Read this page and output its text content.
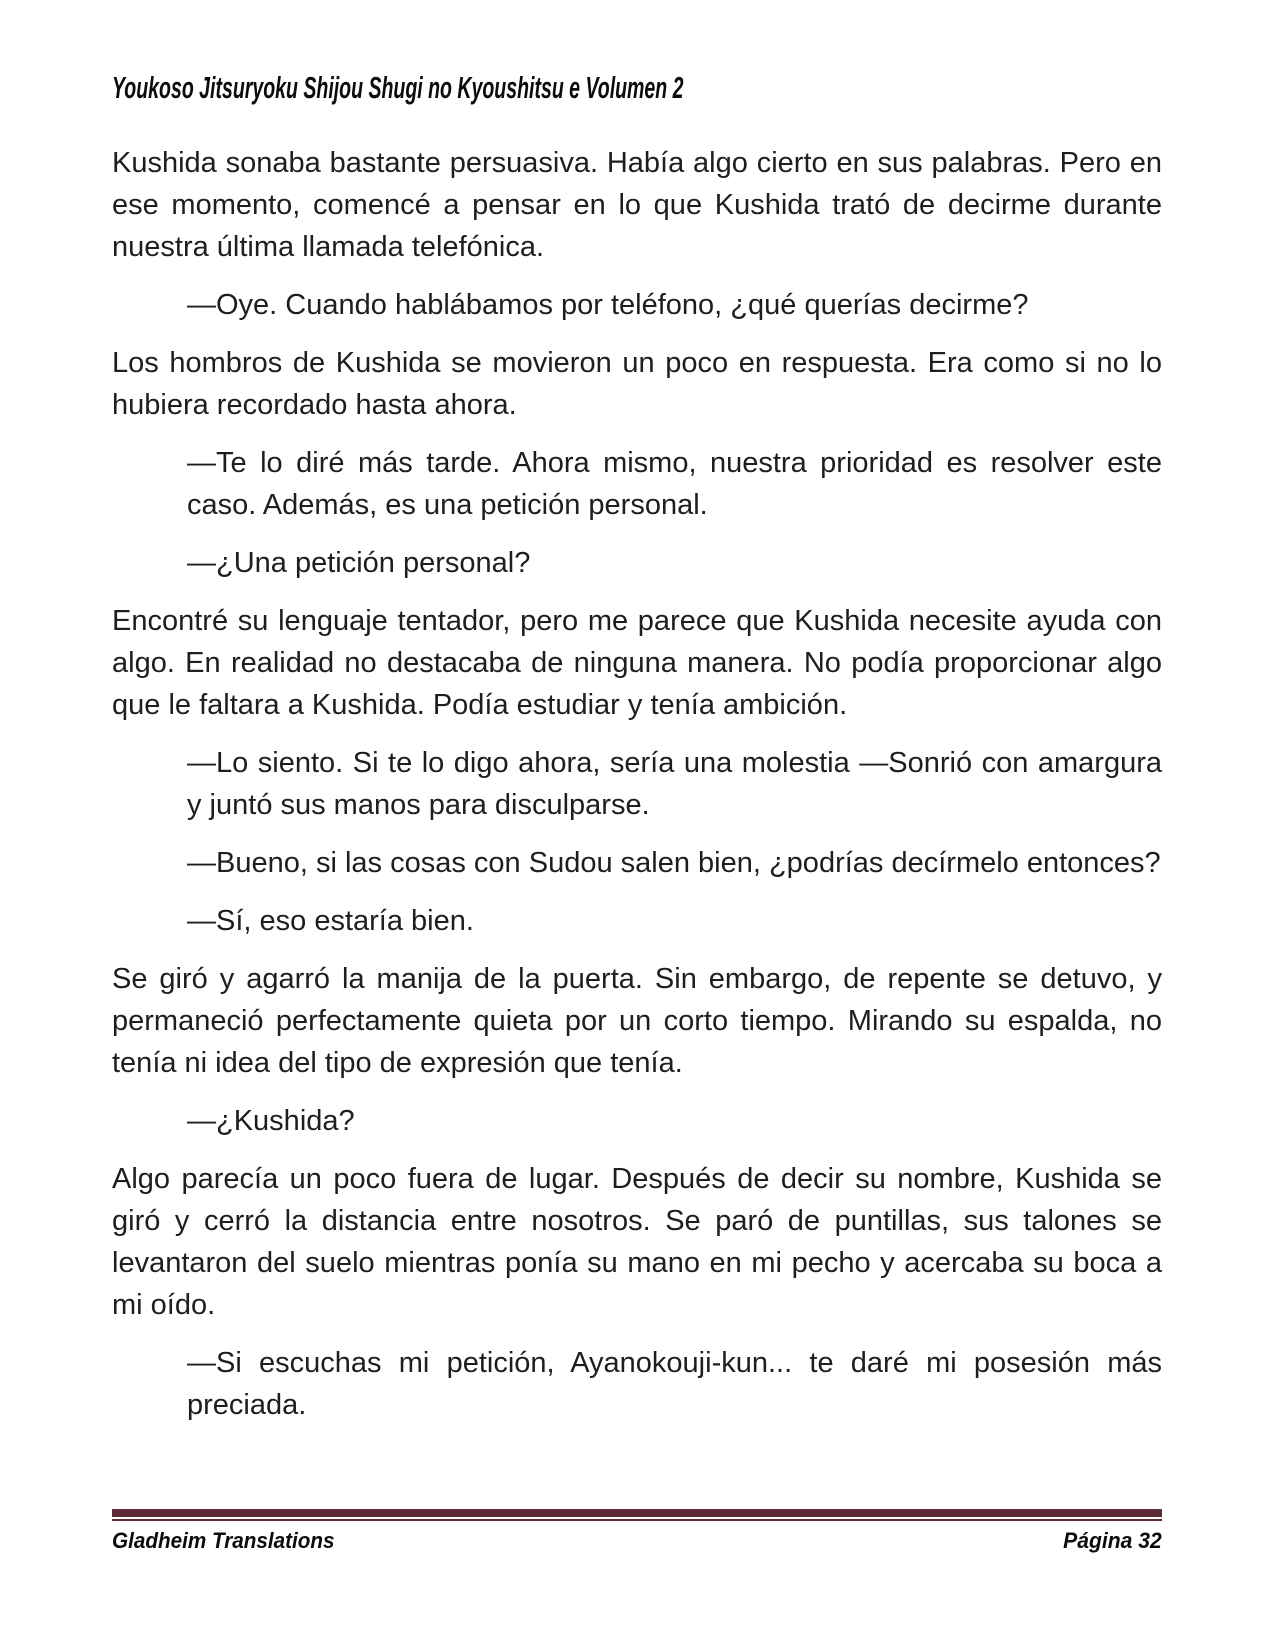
Youkoso Jitsuryoku Shijou Shugi no Kyoushitsu e Volumen 2

Kushida sonaba bastante persuasiva. Había algo cierto en sus palabras. Pero en ese momento, comencé a pensar en lo que Kushida trató de decirme durante nuestra última llamada telefónica.

—Oye. Cuando hablábamos por teléfono, ¿qué querías decirme?

Los hombros de Kushida se movieron un poco en respuesta. Era como si no lo hubiera recordado hasta ahora.

—Te lo diré más tarde. Ahora mismo, nuestra prioridad es resolver este caso. Además, es una petición personal.

—¿Una petición personal?

Encontré su lenguaje tentador, pero me parece que Kushida necesite ayuda con algo. En realidad no destacaba de ninguna manera. No podía proporcionar algo que le faltara a Kushida. Podía estudiar y tenía ambición.

—Lo siento. Si te lo digo ahora, sería una molestia —Sonrió con amargura y juntó sus manos para disculparse.

—Bueno, si las cosas con Sudou salen bien, ¿podrías decírmelo entonces?

—Sí, eso estaría bien.

Se giró y agarró la manija de la puerta. Sin embargo, de repente se detuvo, y permaneció perfectamente quieta por un corto tiempo. Mirando su espalda, no tenía ni idea del tipo de expresión que tenía.

—¿Kushida?

Algo parecía un poco fuera de lugar. Después de decir su nombre, Kushida se giró y cerró la distancia entre nosotros. Se paró de puntillas, sus talones se levantaron del suelo mientras ponía su mano en mi pecho y acercaba su boca a mi oído.

—Si escuchas mi petición, Ayanokouji-kun... te daré mi posesión más preciada.

Gladheim Translations	Página 32
